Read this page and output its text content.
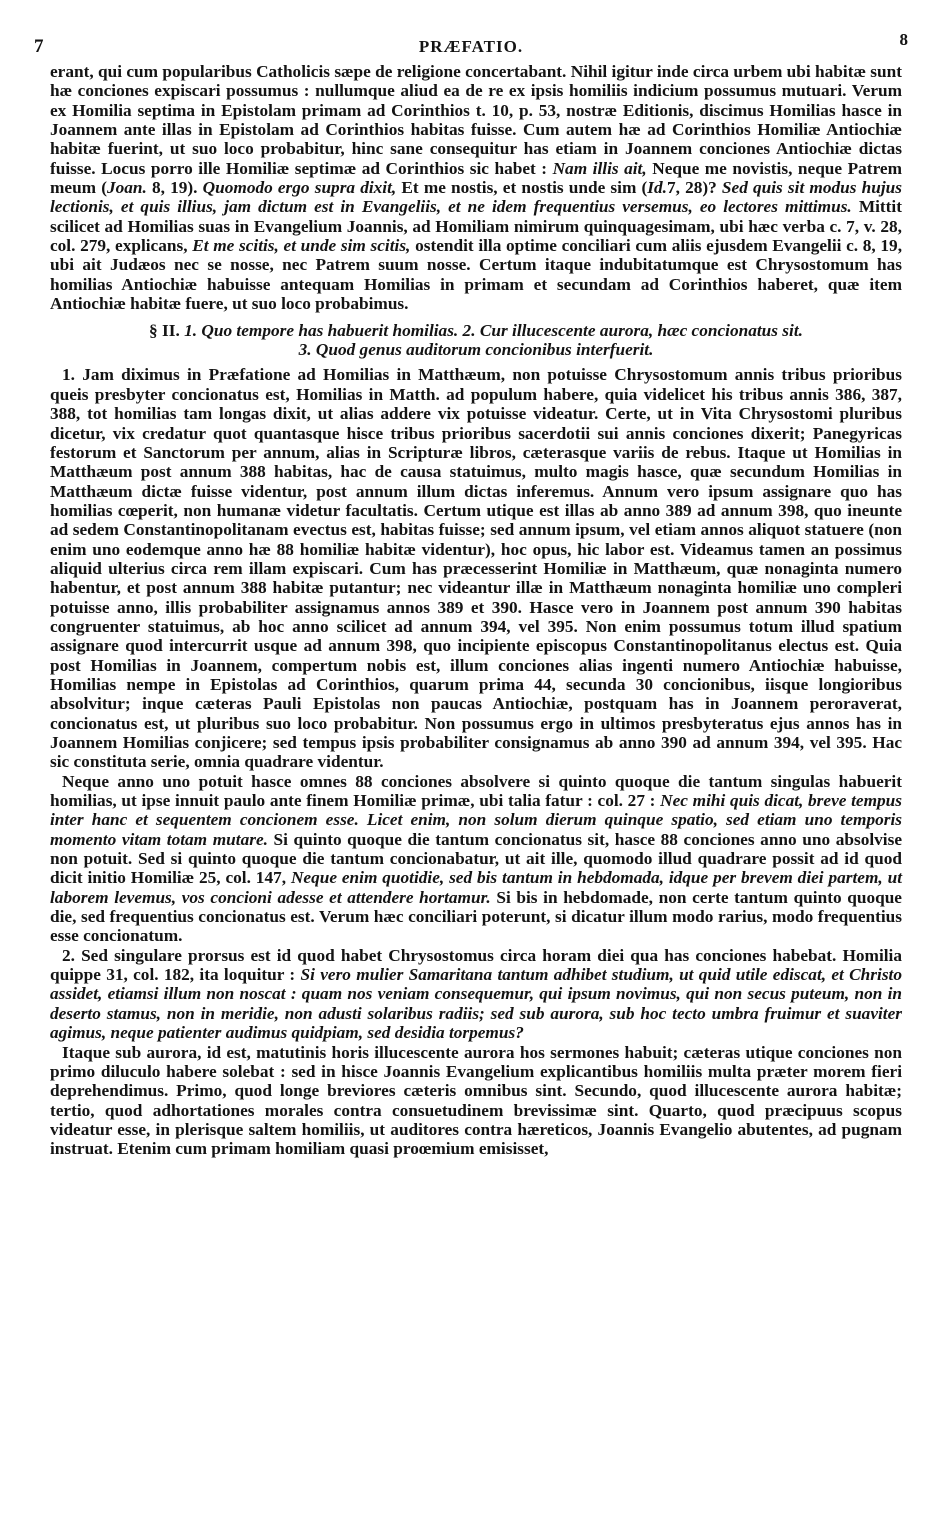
7	PRÆFATIO.	8

erant, qui cum popularibus Catholicis sæpe de religione concertabant. Nihil igitur inde circa urbem ubi habitæ sunt hæ conciones expiscari possumus : nullumque aliud ea de re ex ipsis homiliis indicium possumus mutuari. Verum ex Homilia septima in Epistolam primam ad Corinthios t. 10, p. 53, nostræ Editionis, discimus Homilias hasce in Joannem ante illas in Epistolam ad Corinthios habitas fuisse. Cum autem hæ ad Corinthios Homiliæ Antiochiæ habitæ fuerint, ut suo loco probabitur, hinc sane consequitur has etiam in Joannem conciones Antiochiæ dictas fuisse. Locus porro ille Homiliæ septimæ ad Corinthios sic habet : Nam illis ait, Neque me novistis, neque Patrem meum (Joan. 8, 19). Quomodo ergo supra dixit, Et me nostis, et nostis unde sim (Id.7, 28)? Sed quis sit modus hujus lectionis, et quis illius, jam dictum est in Evangeliis, et ne idem frequentius versemus, eo lectores mittimus. Mittit scilicet ad Homilias suas in Evangelium Joannis, ad Homiliam nimirum quinquagesimam, ubi hæc verba c. 7, v. 28, col. 279, explicans, Et me scitis, et unde sim scitis, ostendit illa optime conciliari cum aliis ejusdem Evangelii c. 8, 19, ubi ait Judæos nec se nosse, nec Patrem suum nosse. Certum itaque indubitatumque est Chrysostomum has homilias Antiochiæ habuisse antequam Homilias in primam et secundam ad Corinthios haberet, quæ item Antiochiæ habitæ fuere, ut suo loco probabimus.

§ II. 1. Quo tempore has habuerit homilias. 2. Cur illucescente aurora, hæc concionatus sit.
3. Quod genus auditorum concionibus interfuerit.

1. Jam diximus in Præfatione ad Homilias in Matthæum, non potuisse Chrysostomum annis tribus prioribus queis presbyter concionatus est, Homilias in Matth. ad populum habere, quia videlicet his tribus annis 386, 387, 388, tot homilias tam longas dixit, ut alias addere vix potuisse videatur. Certe, ut in Vita Chrysostomi pluribus dicetur, vix credatur quot quantasque hisce tribus prioribus sacerdotii sui annis conciones dixerit; Panegyricas festorum et Sanctorum per annum, alias in Scripturæ libros, cæterasque variis de rebus. Itaque ut Homilias in Matthæum post annum 388 habitas, hac de causa statuimus, multo magis hasce, quæ secundum Homilias in Matthæum dictæ fuisse videntur, post annum illum dictas inferemus. Annum vero ipsum assignare quo has homilias cœperit, non humanæ videtur facultatis. Certum utique est illas ab anno 389 ad annum 398, quo ineunte ad sedem Constantinopolitanam evectus est, habitas fuisse; sed annum ipsum, vel etiam annos aliquot statuere (non enim uno eodemque anno hæ 88 homiliæ habitæ videntur), hoc opus, hic labor est. Videamus tamen an possimus aliquid ulterius circa rem illam expiscari. Cum has præcesserint Homiliæ in Matthæum, quæ nonaginta numero habentur, et post annum 388 habitæ putantur; nec videantur illæ in Matthæum nonaginta homiliæ uno compleri potuisse anno, illis probabiliter assignamus annos 389 et 390. Hasce vero in Joannem post annum 390 habitas congruenter statuimus, ab hoc anno scilicet ad annum 394, vel 395. Non enim possumus totum illud spatium assignare quod intercurrit usque ad annum 398, quo incipiente episcopus Constantinopolitanus electus est. Quia post Homilias in Joannem, compertum nobis est, illum conciones alias ingenti numero Antiochiæ habuisse, Homilias nempe in Epistolas ad Corinthios, quarum prima 44, secunda 30 concionibus, iisque longioribus absolvitur; inque cæteras Pauli Epistolas non paucas Antiochiæ, postquam has in Joannem peroraverat, concionatus est, ut pluribus suo loco probabitur. Non possumus ergo in ultimos presbyteratus ejus annos has in Joannem Homilias conjicere; sed tempus ipsis probabiliter consignamus ab anno 390 ad annum 394, vel 395. Hac sic constituta serie, omnia quadrare videntur.

Neque anno uno potuit hasce omnes 88 conciones absolvere si quinto quoque die tantum singulas habuerit homilias, ut ipse innuit paulo ante finem Homiliæ primæ, ubi talia fatur : col. 27 : Nec mihi quis dicat, breve tempus inter hanc et sequentem concionem esse. Licet enim, non solum dierum quinque spatio, sed etiam uno temporis momento vitam totam mutare. Si quinto quoque die tantum concionatus sit, hasce 88 conciones anno uno absolvise non potuit. Sed si quinto quoque die tantum concionabatur, ut ait ille, quomodo illud quadrare possit ad id quod dicit initio Homiliæ 25, col. 147, Neque enim quotidie, sed bis tantum in hebdomada, idque per brevem diei partem, ut laborem levemus, vos concioni adesse et attendere hortamur. Si bis in hebdomade, non certe tantum quinto quoque die, sed frequentius concionatus est. Verum hæc conciliari poterunt, si dicatur illum modo rarius, modo frequentius esse concionatum.

2. Sed singulare prorsus est id quod habet Chrysostomus circa horam diei qua has conciones habebat. Homilia quippe 31, col. 182, ita loquitur : Si vero mulier Samaritana tantum adhibet studium, ut quid utile ediscat, et Christo assidet, etiamsi illum non noscat : quam nos veniam consequemur, qui ipsum novimus, qui non secus puteum, non in deserto stamus, non in meridie, non adusti solaribus radiis; sed sub aurora, sub hoc tecto umbra fruimur et suaviter agimus, neque patienter audimus quidpiam, sed desidia torpemus?

Itaque sub aurora, id est, matutinis horis illucescente aurora hos sermones habuit; cæteras utique conciones non primo diluculo habere solebat : sed in hisce Joannis Evangelium explicantibus homiliis multa præter morem fieri deprehendimus. Primo, quod longe breviores cæteris omnibus sint. Secundo, quod illucescente aurora habitæ; tertio, quod adhortationes morales contra consuetudinem brevissimæ sint. Quarto, quod præcipuus scopus videatur esse, in plerisque saltem homiliis, ut auditores contra hæreticos, Joannis Evangelio abutentes, ad pugnam instruat. Etenim cum primam homiliam quasi proœmium emisisset,
